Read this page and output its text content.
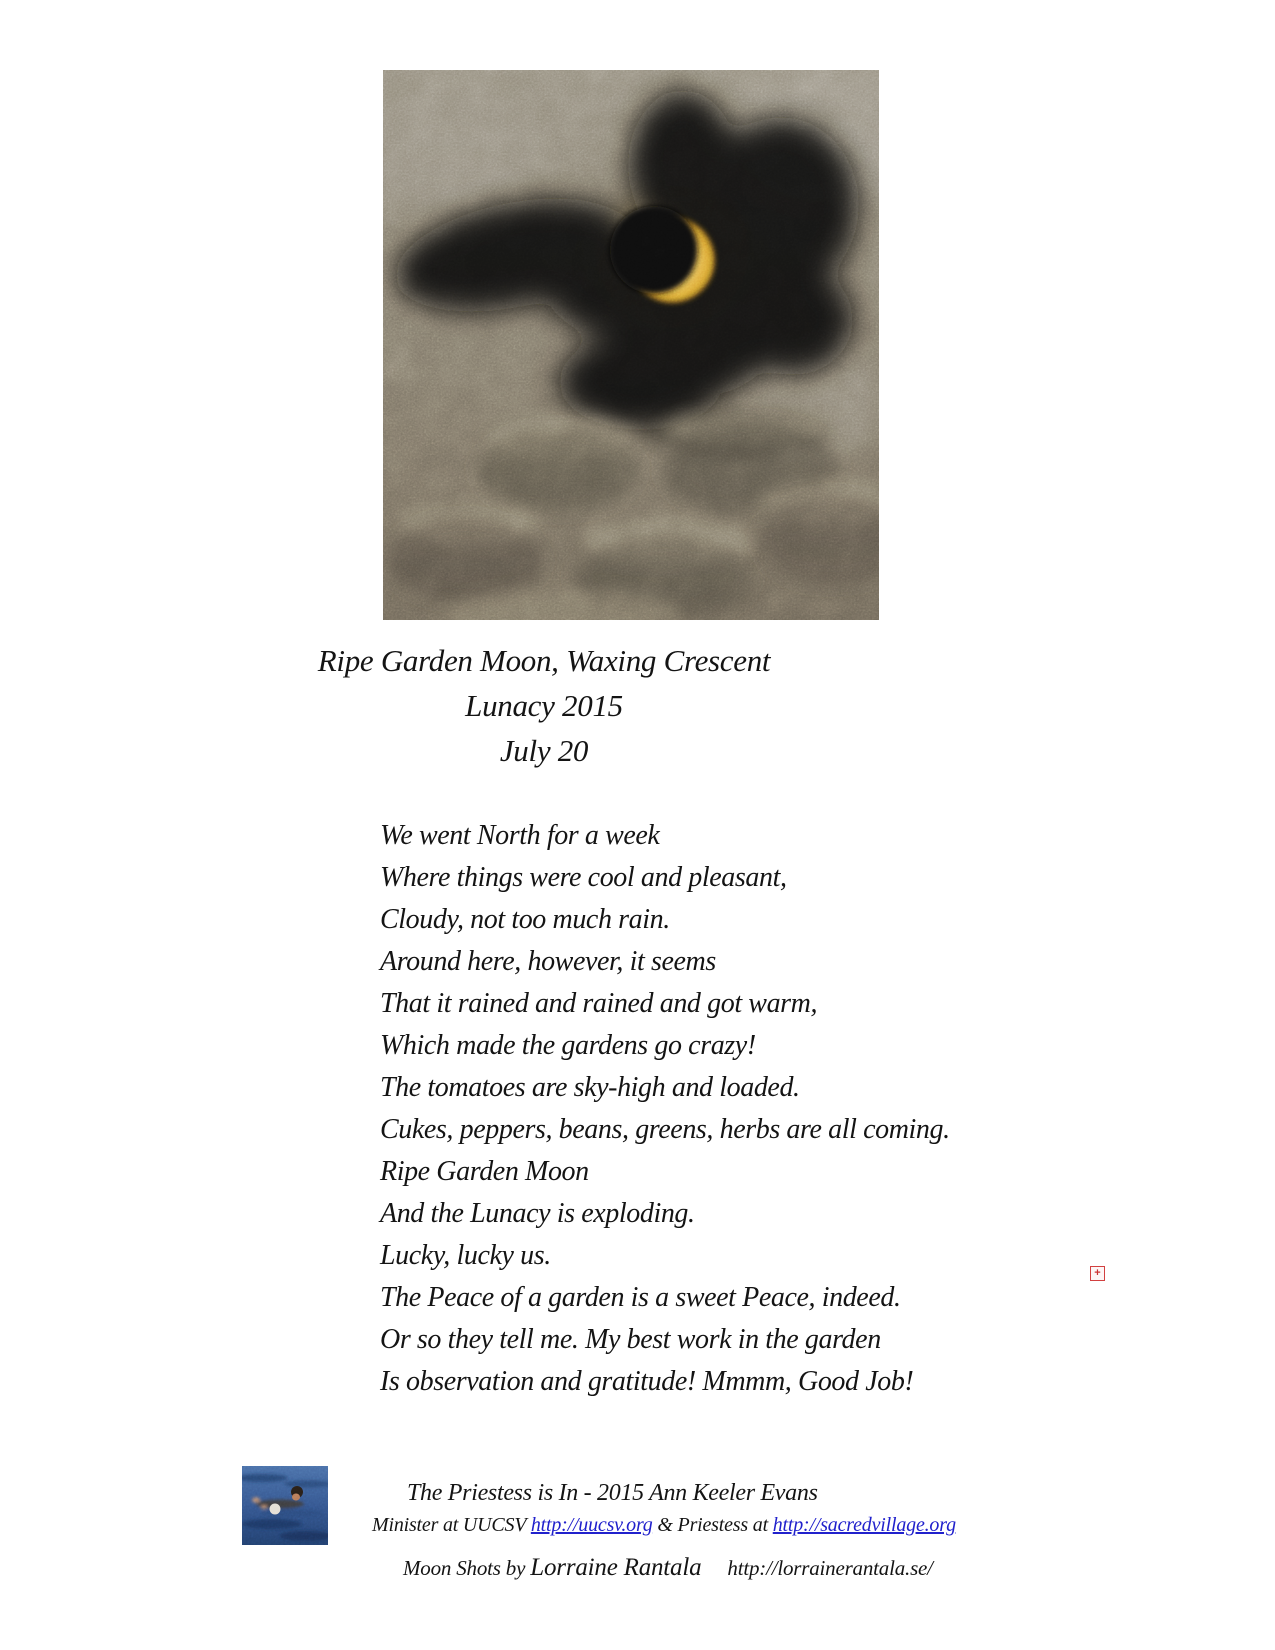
Ripe Garden Moon, Waxing Crescent
Lunacy 2015
July 20
We went North for a week
Where things were cool and pleasant,
Cloudy, not too much rain.
Around here, however, it seems
That it rained and rained and got warm,
Which made the gardens go crazy!
The tomatoes are sky-high and loaded.
Cukes, peppers, beans, greens, herbs are all coming.
Ripe Garden Moon
And the Lunacy is exploding.
Lucky, lucky us.
The Peace of a garden is a sweet Peace, indeed.
Or so they tell me. My best work in the garden
Is observation and gratitude! Mmmm, Good Job!
+
The Priestess is In - 2015 Ann Keeler Evans
Minister at UUCSV http://uucsv.org & Priestess at http://sacredvillage.org
Moon Shots by Lorraine Rantala http://lorrainerantala.se/
